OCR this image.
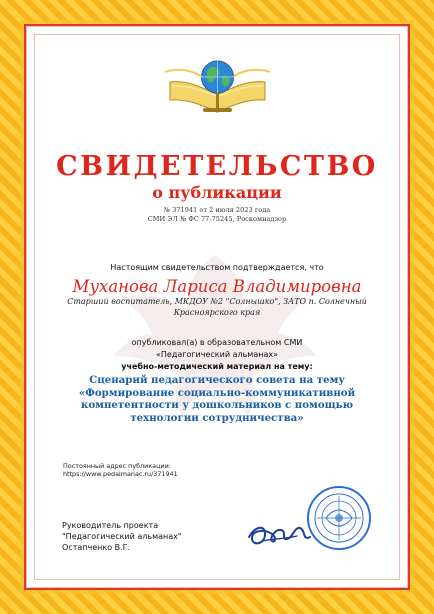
СВИДЕТЕЛЬСТВО
о публикации
№ 371941 от 2 июля 2023 года
СМИ ЭЛ № ФС 77-75245, Роскомнадзор
Настоящим свидетельством подтверждается, что
Муханова Лариса Владимировна
Старший воспитатель, МКДОУ №2 "Солнышко", ЗАТО п. Солнечный Красноярского края
опубликовал(а) в образовательном СМИ
«Педагогический альманах»
учебно-методический материал на тему:
Сценарий педагогического совета на тему «Формирование социально-коммуникативной компетентности у дошкольников с помощью технологии сотрудничества»
Постоянный адрес публикации:
https://www.pedalmanac.ru/371941
Руководитель проекта
"Педагогический альманах"
Остапченко В.Г.
